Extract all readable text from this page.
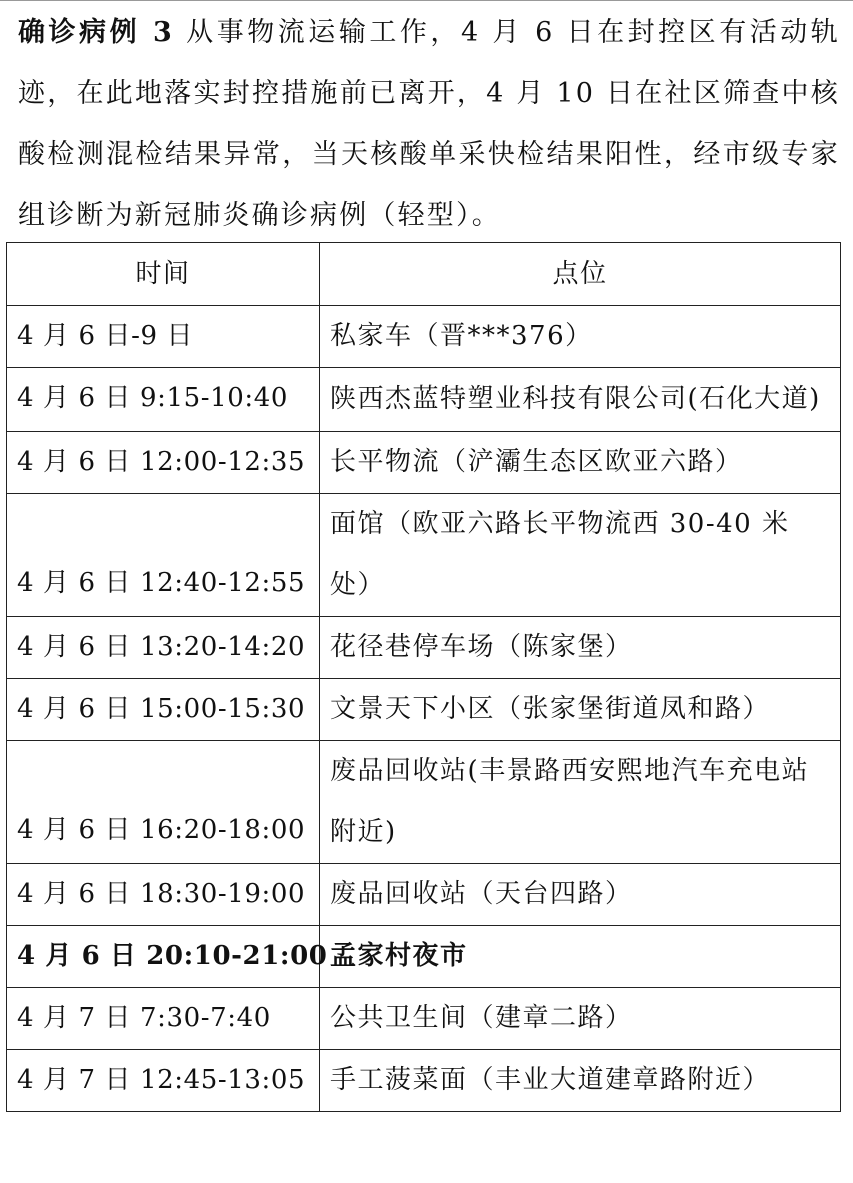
确诊病例 3 从事物流运输工作，4 月 6 日在封控区有活动轨迹，在此地落实封控措施前已离开，4 月 10 日在社区筛查中核酸检测混检结果异常，当天核酸单采快检结果阳性，经市级专家组诊断为新冠肺炎确诊病例（轻型）。

时间	点位
4 月 6 日-9 日	私家车（晋***376）
4 月 6 日 9:15-10:40	陕西杰蓝特塑业科技有限公司(石化大道)
4 月 6 日 12:00-12:35	长平物流（浐灞生态区欧亚六路）
4 月 6 日 12:40-12:55	面馆（欧亚六路长平物流西 30-40 米处）
4 月 6 日 13:20-14:20	花径巷停车场（陈家堡）
4 月 6 日 15:00-15:30	文景天下小区（张家堡街道凤和路）
4 月 6 日 16:20-18:00	废品回收站(丰景路西安熙地汽车充电站附近)
4 月 6 日 18:30-19:00	废品回收站（天台四路）
4 月 6 日 20:10-21:00	孟家村夜市
4 月 7 日 7:30-7:40	公共卫生间（建章二路）
4 月 7 日 12:45-13:05	手工菠菜面（丰业大道建章路附近）
